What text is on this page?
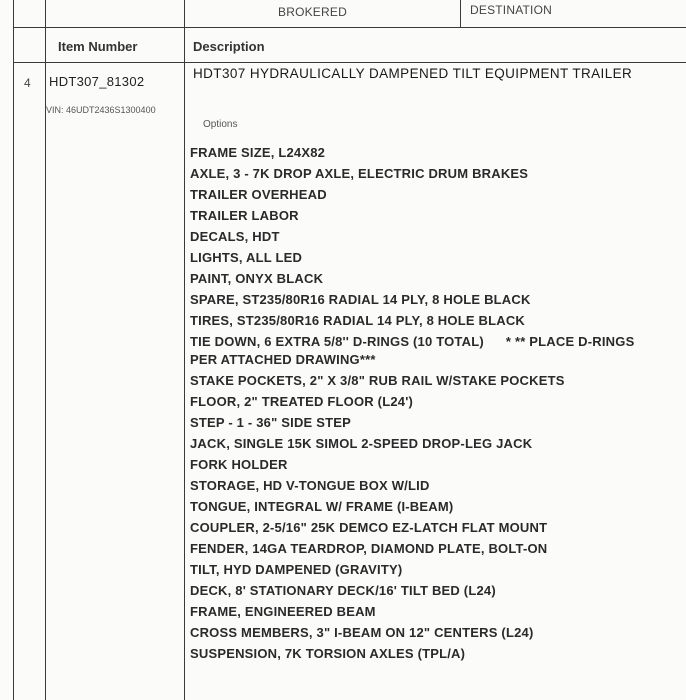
BROKERED	DESTINATION
Item Number	Description
4 HDT307_81302
VIN: 46UDT2436S1300400
HDT307 HYDRAULICALLY DAMPENED TILT EQUIPMENT TRAILER
Options
FRAME SIZE, L24X82
AXLE, 3 - 7K DROP AXLE, ELECTRIC DRUM BRAKES
TRAILER OVERHEAD
TRAILER LABOR
DECALS, HDT
LIGHTS, ALL LED
PAINT, ONYX BLACK
SPARE, ST235/80R16 RADIAL 14 PLY, 8 HOLE BLACK
TIRES, ST235/80R16 RADIAL 14 PLY, 8 HOLE BLACK
TIE DOWN, 6 EXTRA 5/8'' D-RINGS (10 TOTAL) * ** PLACE D-RINGS
PER ATTACHED DRAWING***
STAKE POCKETS, 2" X 3/8" RUB RAIL W/STAKE POCKETS
FLOOR, 2" TREATED FLOOR (L24')
STEP - 1 - 36" SIDE STEP
JACK, SINGLE 15K SIMOL 2-SPEED DROP-LEG JACK
FORK HOLDER
STORAGE, HD V-TONGUE BOX W/LID
TONGUE, INTEGRAL W/ FRAME (I-BEAM)
COUPLER, 2-5/16" 25K DEMCO EZ-LATCH FLAT MOUNT
FENDER, 14GA TEARDROP, DIAMOND PLATE, BOLT-ON
TILT, HYD DAMPENED (GRAVITY)
DECK, 8' STATIONARY DECK/16' TILT BED (L24)
FRAME, ENGINEERED BEAM
CROSS MEMBERS, 3" I-BEAM ON 12" CENTERS (L24)
SUSPENSION, 7K TORSION AXLES (TPL/A)
